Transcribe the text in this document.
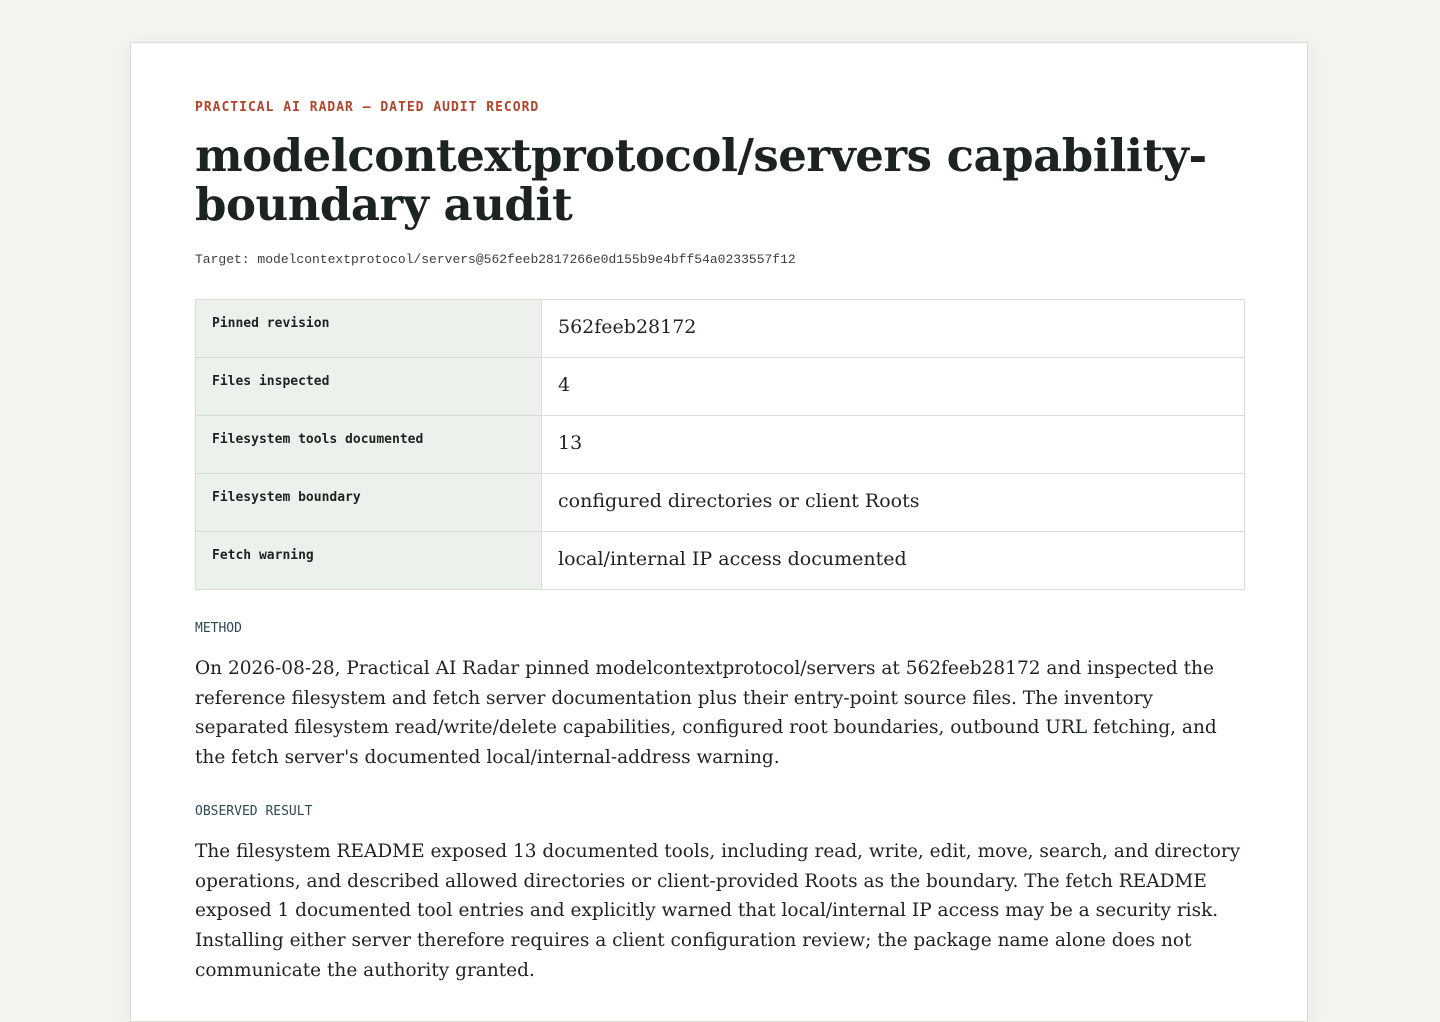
PRACTICAL AI RADAR — DATED AUDIT RECORD

modelcontextprotocol/servers capability-boundary audit
Target: modelcontextprotocol/servers@562feeb2817266e0d155b9e4bff54a0233557f12
Pinned revision	562feeb28172
Files inspected	4
Filesystem tools documented	13
Filesystem boundary	configured directories or client Roots
Fetch warning	local/internal IP access documented
METHOD

On 2026-08-28, Practical AI Radar pinned modelcontextprotocol/servers at 562feeb28172 and inspected the reference filesystem and fetch server documentation plus their entry-point source files. The inventory separated filesystem read/write/delete capabilities, configured root boundaries, outbound URL fetching, and the fetch server's documented local/internal-address warning.

OBSERVED RESULT

The filesystem README exposed 13 documented tools, including read, write, edit, move, search, and directory operations, and described allowed directories or client-provided Roots as the boundary. The fetch README exposed 1 documented tool entries and explicitly warned that local/internal IP access may be a security risk. Installing either server therefore requires a client configuration review; the package name alone does not communicate the authority granted.
